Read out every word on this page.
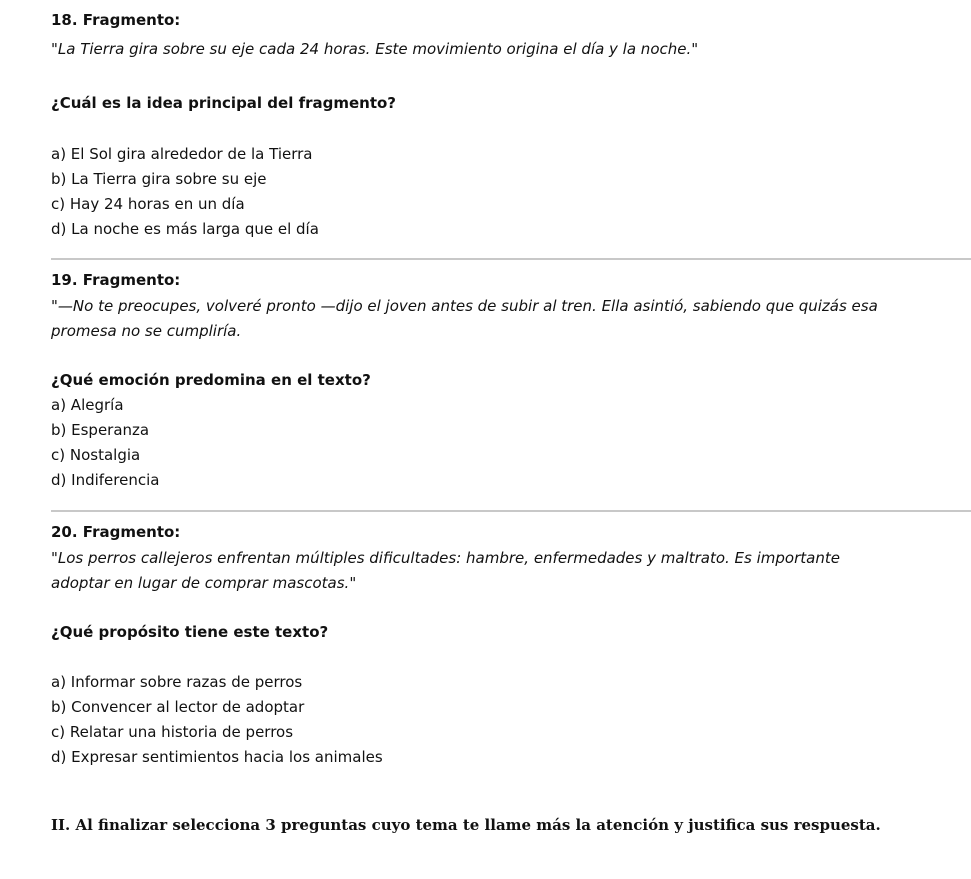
18. Fragmento:
"La Tierra gira sobre su eje cada 24 horas. Este movimiento origina el día y la noche."
¿Cuál es la idea principal del fragmento?
a) El Sol gira alrededor de la Tierra
b) La Tierra gira sobre su eje
c) Hay 24 horas en un día
d) La noche es más larga que el día
19. Fragmento:
"—No te preocupes, volveré pronto —dijo el joven antes de subir al tren. Ella asintió, sabiendo que quizás esa
promesa no se cumpliría.
¿Qué emoción predomina en el texto?
a) Alegría
b) Esperanza
c) Nostalgia
d) Indiferencia
20. Fragmento:
"Los perros callejeros enfrentan múltiples dificultades: hambre, enfermedades y maltrato. Es importante
adoptar en lugar de comprar mascotas."
¿Qué propósito tiene este texto?
a) Informar sobre razas de perros
b) Convencer al lector de adoptar
c) Relatar una historia de perros
d) Expresar sentimientos hacia los animales
II. Al finalizar selecciona 3 preguntas cuyo tema te llame más la atención y justifica sus respuesta.
